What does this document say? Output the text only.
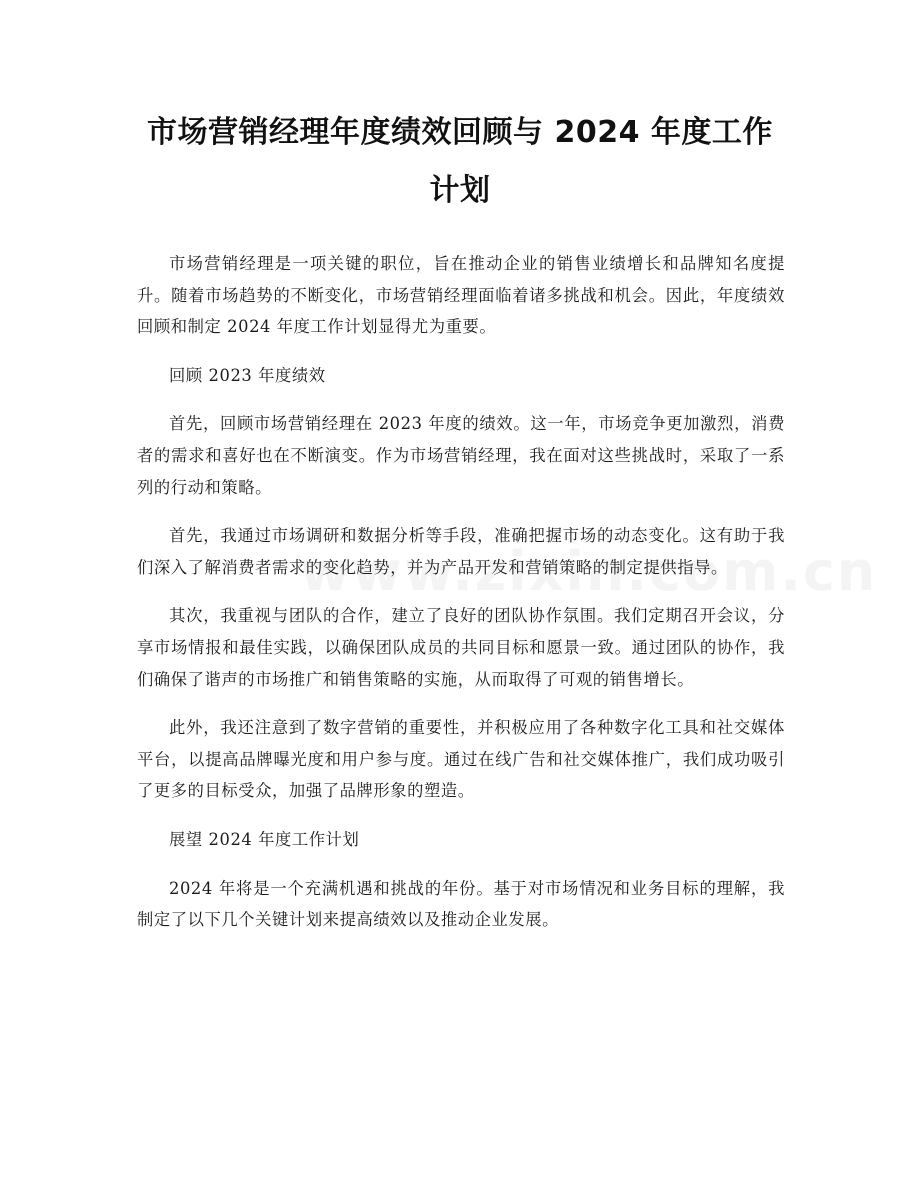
市场营销经理年度绩效回顾与 2024 年度工作
计划

市场营销经理是一项关键的职位，旨在推动企业的销售业绩增长和品牌知名度提升。随着市场趋势的不断变化，市场营销经理面临着诸多挑战和机会。因此，年度绩效回顾和制定 2024 年度工作计划显得尤为重要。

回顾 2023 年度绩效

首先，回顾市场营销经理在 2023 年度的绩效。这一年，市场竞争更加激烈，消费者的需求和喜好也在不断演变。作为市场营销经理，我在面对这些挑战时，采取了一系列的行动和策略。

首先，我通过市场调研和数据分析等手段，准确把握市场的动态变化。这有助于我们深入了解消费者需求的变化趋势，并为产品开发和营销策略的制定提供指导。

其次，我重视与团队的合作，建立了良好的团队协作氛围。我们定期召开会议，分享市场情报和最佳实践，以确保团队成员的共同目标和愿景一致。通过团队的协作，我们确保了谐声的市场推广和销售策略的实施，从而取得了可观的销售增长。

此外，我还注意到了数字营销的重要性，并积极应用了各种数字化工具和社交媒体平台，以提高品牌曝光度和用户参与度。通过在线广告和社交媒体推广，我们成功吸引了更多的目标受众，加强了品牌形象的塑造。

展望 2024 年度工作计划

2024 年将是一个充满机遇和挑战的年份。基于对市场情况和业务目标的理解，我制定了以下几个关键计划来提高绩效以及推动企业发展。
